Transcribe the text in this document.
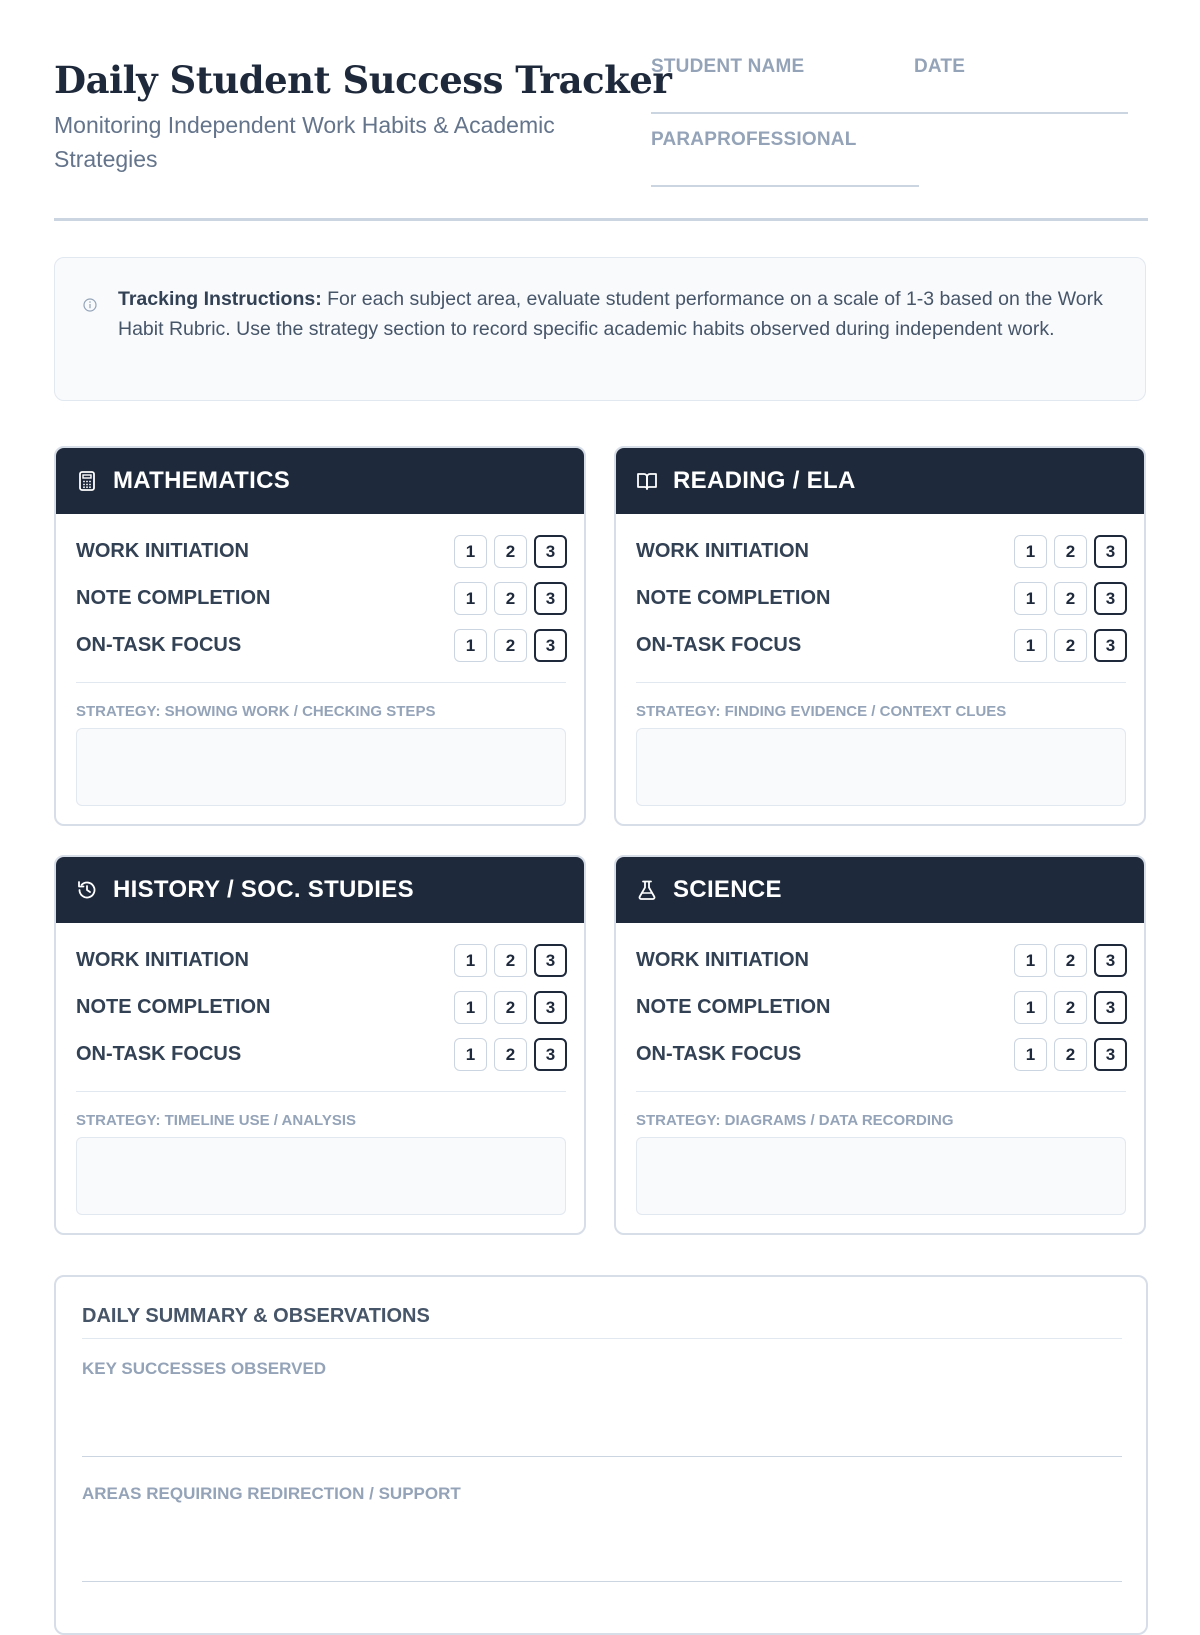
Daily Student Success Tracker
Monitoring Independent Work Habits & Academic Strategies
STUDENT NAME	DATE
PARAPROFESSIONAL
Tracking Instructions: For each subject area, evaluate student performance on a scale of 1-3 based on the Work Habit Rubric. Use the strategy section to record specific academic habits observed during independent work.
MATHEMATICS
WORK INITIATION	1	2	3
NOTE COMPLETION	1	2	3
ON-TASK FOCUS	1	2	3
STRATEGY: SHOWING WORK / CHECKING STEPS
READING / ELA
WORK INITIATION	1	2	3
NOTE COMPLETION	1	2	3
ON-TASK FOCUS	1	2	3
STRATEGY: FINDING EVIDENCE / CONTEXT CLUES
HISTORY / SOC. STUDIES
WORK INITIATION	1	2	3
NOTE COMPLETION	1	2	3
ON-TASK FOCUS	1	2	3
STRATEGY: TIMELINE USE / ANALYSIS
SCIENCE
WORK INITIATION	1	2	3
NOTE COMPLETION	1	2	3
ON-TASK FOCUS	1	2	3
STRATEGY: DIAGRAMS / DATA RECORDING
DAILY SUMMARY & OBSERVATIONS
KEY SUCCESSES OBSERVED
AREAS REQUIRING REDIRECTION / SUPPORT
